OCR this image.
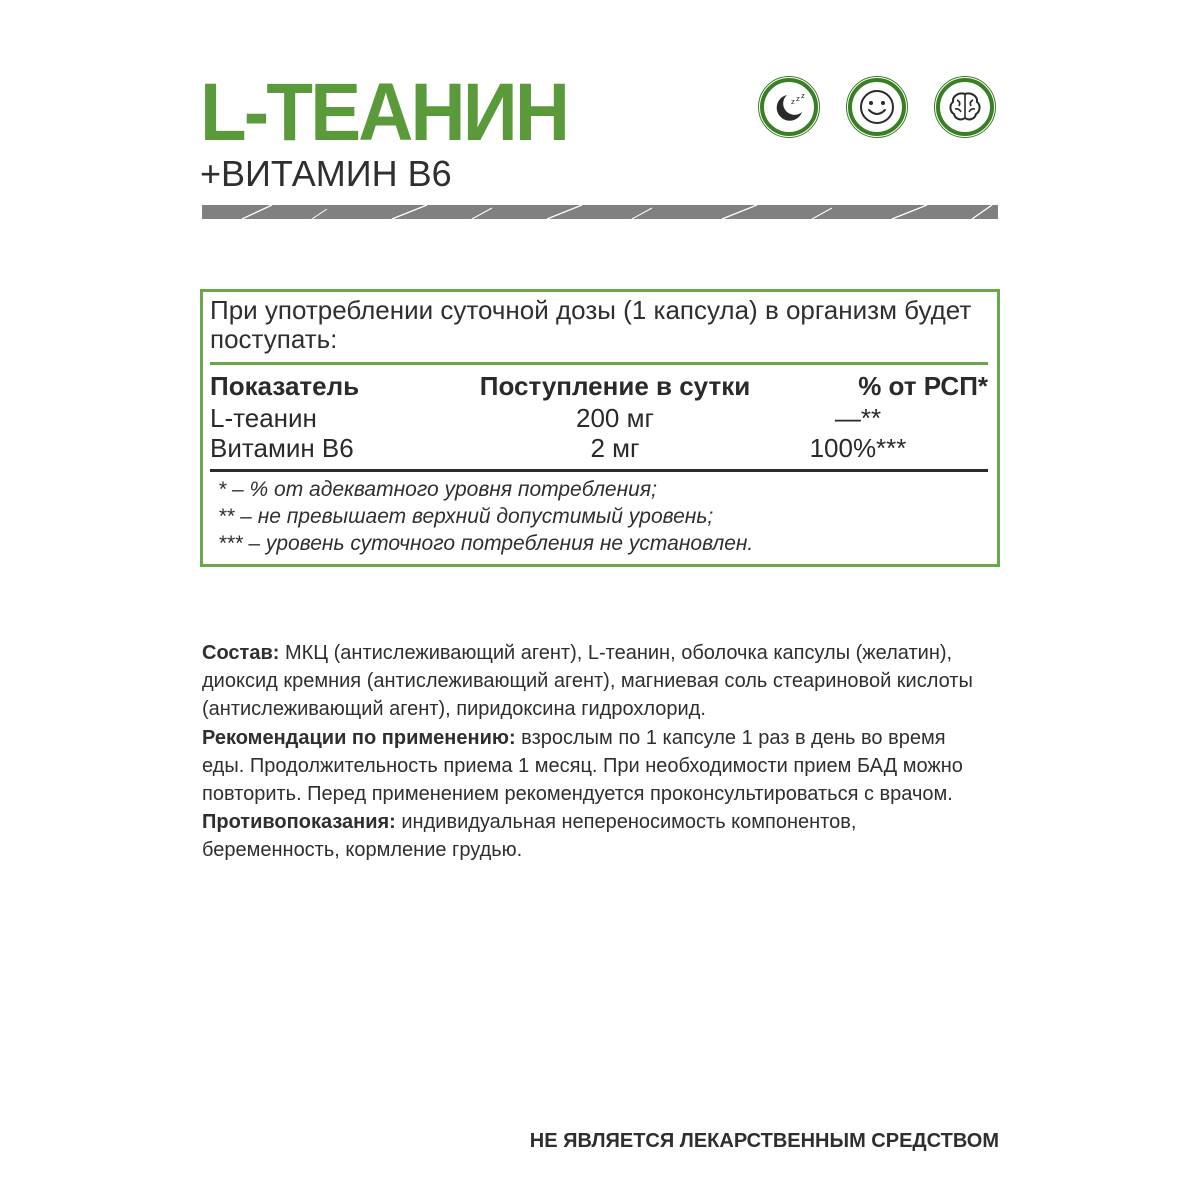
L-ТЕАНИН
+ВИТАМИН В6
z z z
При употреблении суточной дозы (1 капсула) в организм будет поступать:
Показатель	Поступление в сутки	% от РСП*
L-теанин	200 мг	—**
Витамин В6	2 мг	100%***
* – % от адекватного уровня потребления;
** – не превышает верхний допустимый уровень;
*** – уровень суточного потребления не установлен.

Состав: МКЦ (антислеживающий агент), L-теанин, оболочка капсулы (желатин), диоксид кремния (антислеживающий агент), магниевая соль стеариновой кислоты (антислеживающий агент), пиридоксина гидрохлорид.

Рекомендации по применению: взрослым по 1 капсуле 1 раз в день во время еды. Продолжительность приема 1 месяц. При необходимости прием БАД можно повторить. Перед применением рекомендуется проконсультироваться с врачом.

Противопоказания: индивидуальная непереносимость компонентов, беременность, кормление грудью.

НЕ ЯВЛЯЕТСЯ ЛЕКАРСТВЕННЫМ СРЕДСТВОМ
